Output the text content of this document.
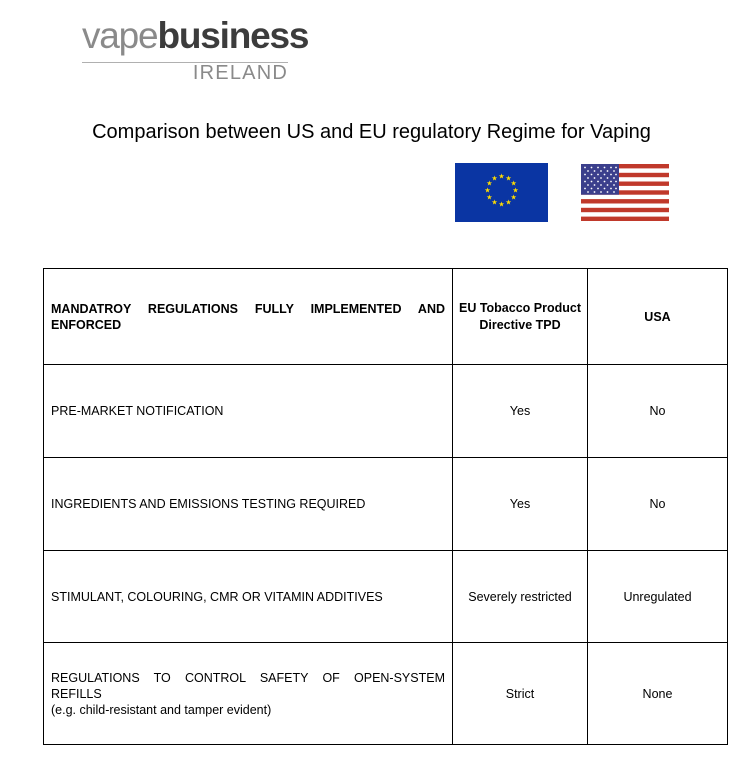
vapebusiness
IRELAND
Comparison between US and EU regulatory Regime for Vaping
★ ★
★
★
★
★
★
★
★
★
★
★
MANDATROY REGULATIONS FULLY IMPLEMENTED AND ENFORCED	EU Tobacco Product Directive TPD	USA
PRE-MARKET NOTIFICATION	Yes	No
INGREDIENTS AND EMISSIONS TESTING REQUIRED	Yes	No
STIMULANT, COLOURING, CMR OR VITAMIN ADDITIVES	Severely restricted	Unregulated

REGULATIONS TO CONTROL SAFETY OF OPEN-SYSTEM REFILLS
(e.g. child-resistant and tamper evident)	Strict	None
